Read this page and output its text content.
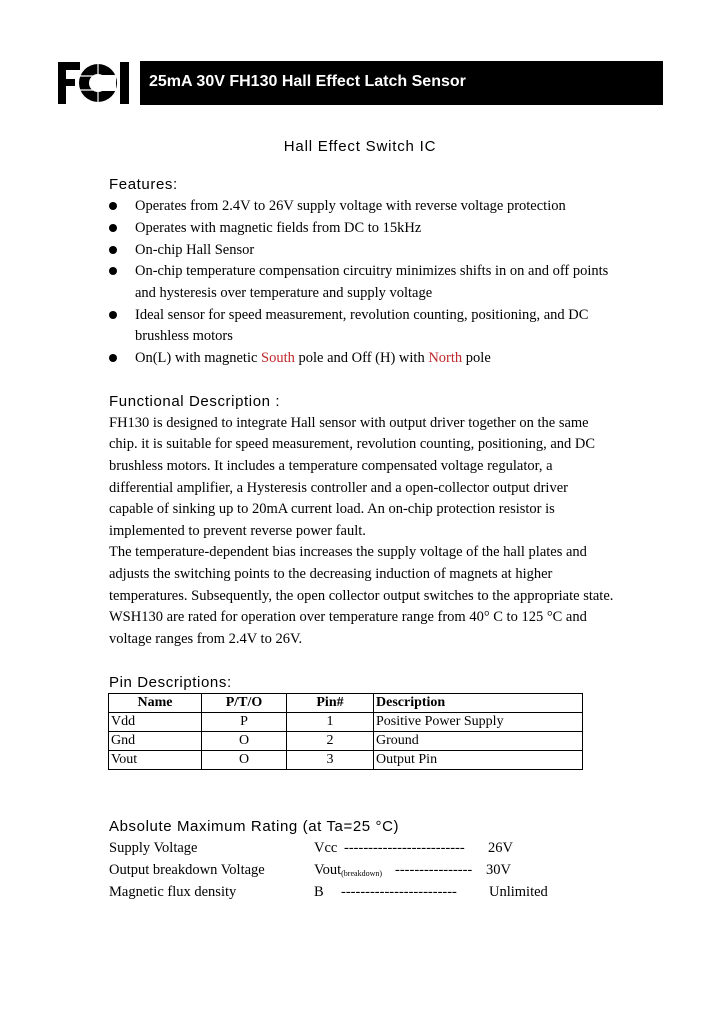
25mA 30V FH130 Hall Effect Latch Sensor
Hall Effect Switch IC
Features:
Operates from 2.4V to 26V supply voltage with reverse voltage protection
Operates with magnetic fields from DC to 15kHz
On-chip Hall Sensor
On-chip temperature compensation circuitry minimizes shifts in on and off points
and hysteresis over temperature and supply voltage
Ideal sensor for speed measurement, revolution counting, positioning, and DC
brushless motors
On(L) with magnetic South pole and Off (H) with North pole
Functional Description :
FH130 is designed to integrate Hall sensor with output driver together on the same
chip. it is suitable for speed measurement, revolution counting, positioning, and DC
brushless motors. It includes a temperature compensated voltage regulator, a
differential amplifier, a Hysteresis controller and a open-collector output driver
capable of sinking up to 20mA current load. An on-chip protection resistor is
implemented to prevent reverse power fault.
The temperature-dependent bias increases the supply voltage of the hall plates and
adjusts the switching points to the decreasing induction of magnets at higher
temperatures. Subsequently, the open collector output switches to the appropriate state.
WSH130 are rated for operation over temperature range from 40° C to 125 °C and
voltage ranges from 2.4V to 26V.
Pin Descriptions:
Name	P/T/O	Pin#	Description
Vdd	P	1	Positive Power Supply
Gnd	O	2	Ground
Vout	O	3	Output Pin
Absolute Maximum Rating (at Ta=25 °C)
Supply Voltage	Vcc ------------------------- 26V
Output breakdown Voltage	Vout$_{(breakdown)}$ ---------------- 30V
Magnetic flux density	B ------------------------ Unlimited
